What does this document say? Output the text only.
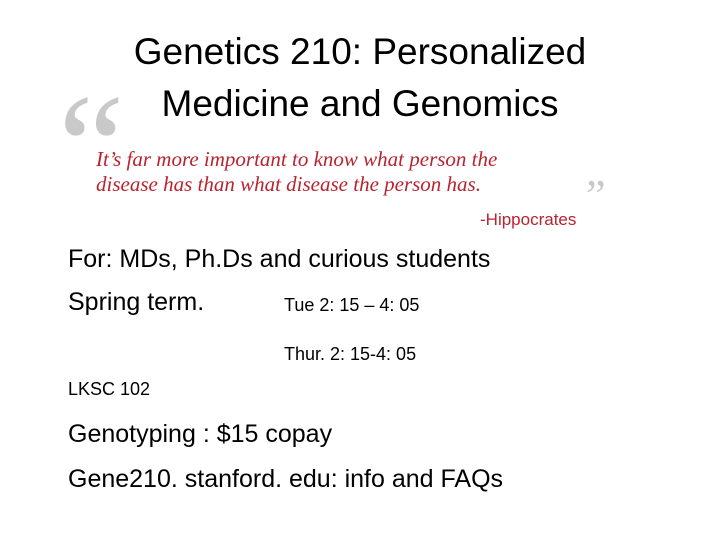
Genetics 210: Personalized
Medicine and Genomics
“
It’s far more important to know what person the
disease has than what disease the person has.	”
-Hippocrates
For: MDs, Ph.Ds and curious students
Spring term.	Tue 2: 15 – 4: 05
Thur. 2: 15-4: 05
LKSC 102
Genotyping : $15 copay
Gene210. stanford. edu: info and FAQs
